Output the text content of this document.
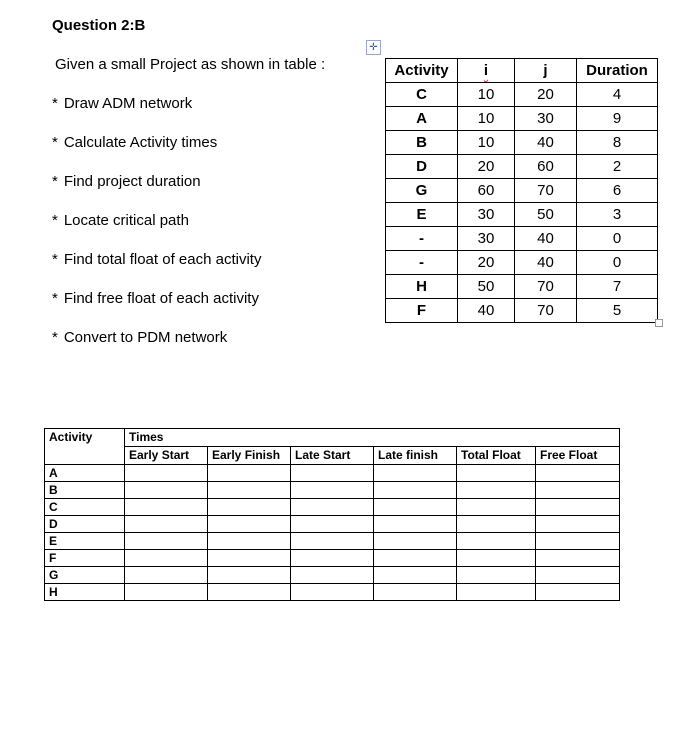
Question 2:B
Given a small Project as shown in table :
* Draw ADM network
* Calculate Activity times
* Find project duration
* Locate critical path
* Find total float of each activity
* Find free float of each activity
* Convert to PDM network
✛
Activity	i	j	Duration
C	10	20	4
A	10	30	9
B	10	40	8
D	20	60	2
G	60	70	6
E	30	50	3
-	30	40	0
-	20	40	0
H	50	70	7
F	40	70	5
Activity	Times					
	Early Start	Early Finish	Late Start	Late finish	Total Float	Free Float
A						
B						
C						
D						
E						
F						
G						
H						
